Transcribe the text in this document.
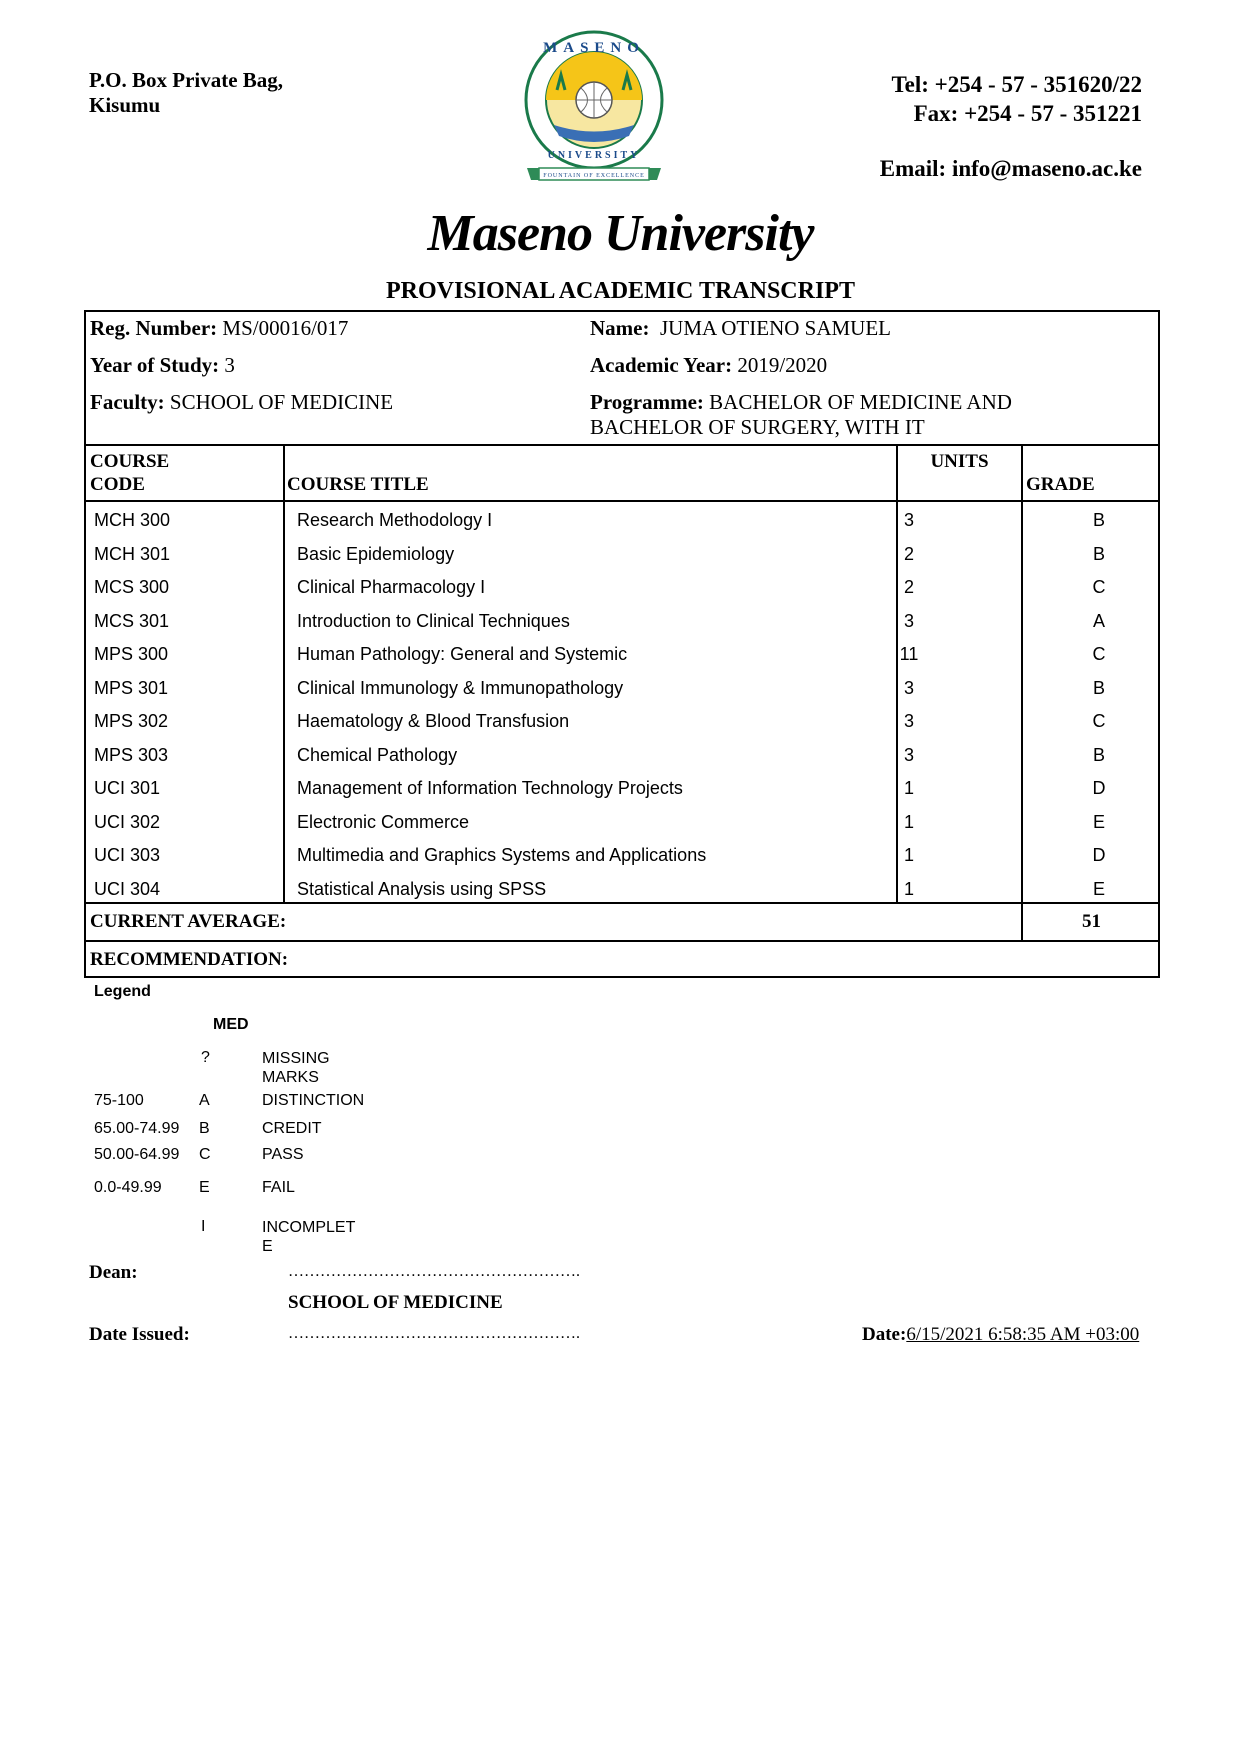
P.O. Box Private Bag,
Kisumu
MASENO
UNIVERSITY
FOUNTAIN OF EXCELLENCE
Tel: +254 - 57 - 351620/22
Fax: +254 - 57 - 351221
Email: info@maseno.ac.ke
Maseno University
PROVISIONAL ACADEMIC TRANSCRIPT
Reg. Number: MS/00016/017	Name: JUMA OTIENO SAMUEL
Year of Study: 3	Academic Year: 2019/2020
Faculty: SCHOOL OF MEDICINE	Programme: BACHELOR OF MEDICINE AND
BACHELOR OF SURGERY, WITH IT
COURSE
CODE	COURSE TITLE
UNITS
GRADE
MCH 300	Research Methodology I	3	B
MCH 301	Basic Epidemiology	2	B
MCS 300	Clinical Pharmacology I	2	C
MCS 301	Introduction to Clinical Techniques	3	A
MPS 300	Human Pathology: General and Systemic	11	C
MPS 301	Clinical Immunology & Immunopathology	3	B
MPS 302	Haematology & Blood Transfusion	3	C
MPS 303	Chemical Pathology	3	B
UCI 301	Management of Information Technology Projects	1	D
UCI 302	Electronic Commerce	1	E
UCI 303	Multimedia and Graphics Systems and Applications	1	D
UCI 304	Statistical Analysis using SPSS	1	E
CURRENT AVERAGE:	51
RECOMMENDATION:
Legend
MED
?	MISSING
MARKS
75-100	A	DISTINCTION
65.00-74.99 B	CREDIT
50.00-64.99 C	PASS
0.0-49.99 E	FAIL
I	INCOMPLET
E
Dean:	……………………………………………….
SCHOOL OF MEDICINE
Date Issued:	……………………………………………….	Date:6/15/2021 6:58:35 AM +03:00
